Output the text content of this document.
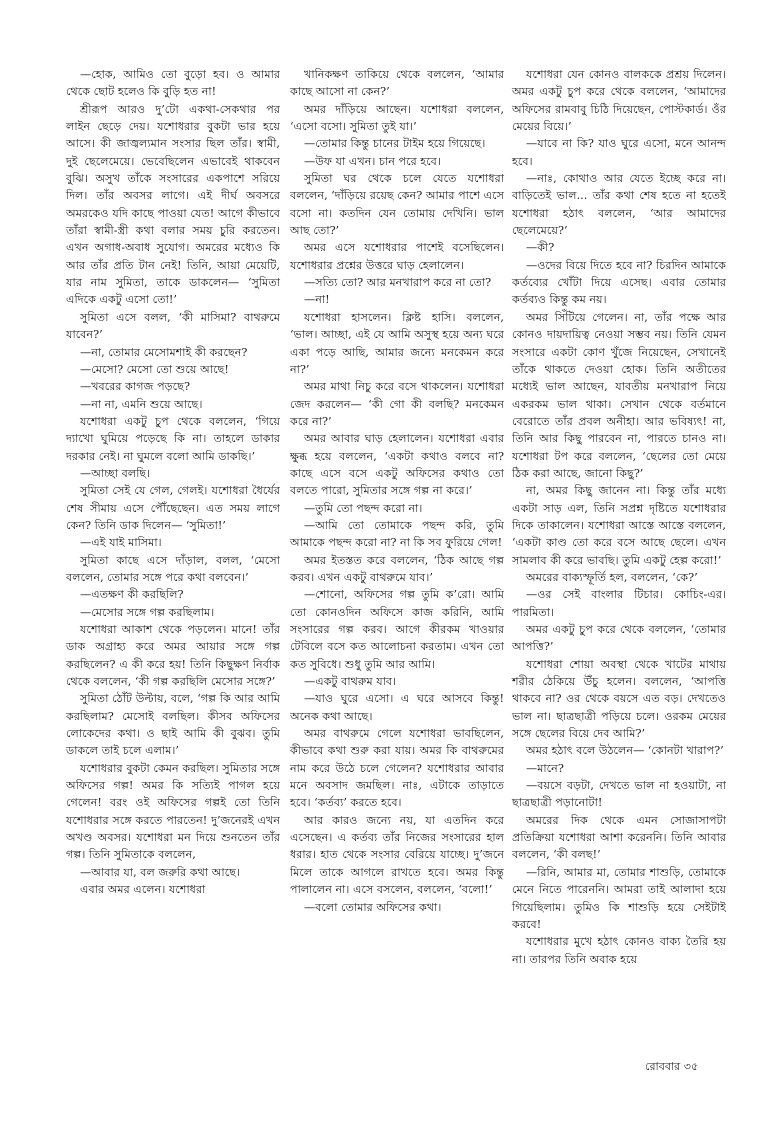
—হোক, আমিও তো বুড়ো হব। ও আমার থেকে ছোট হলেও কি বুড়ি হত না!

শ্রীরূপ আরও দু’টো একথা-সেকথার পর লাইন ছেড়ে দেয়। যশোধরার বুকটা ভার হয়ে আসে। কী জাজ্বল্যমান সংসার ছিল তাঁর। স্বামী, দুই ছেলেমেয়ে। ভেবেছিলেন এভাবেই থাকবেন বুঝি। অসুখ তাঁকে সংসারের একপাশে সরিয়ে দিল। তাঁর অবসর লাগে। এই দীর্ঘ অবসরে অমরকেও যদি কাছে পাওয়া যেত! আগে কীভাবে তাঁরা স্বামী-স্ত্রী কথা বলার সময় চুরি করতেন। এখন অগাধ-অবাধ সুযোগ। অমরের মধ্যেও কি আর তাঁর প্রতি টান নেই! তিনি, আয়া মেয়েটি, যার নাম সুমিতা, তাকে ডাকলেন— ‘সুমিতা এদিকে একটু এসো তো!’

সুমিতা এসে বলল, ‘কী মাসিমা? বাথরুমে যাবেন?’

—না, তোমার মেসোমশাই কী করছেন?

—মেসো? মেসো তো শুয়ে আছে!

—খবরের কাগজ পড়ছে?

—না না, এমনি শুয়ে আছে।

যশোধরা একটু চুপ থেকে বললেন, ‘গিয়ে দ্যাখো ঘুমিয়ে পড়েছে কি না। তাহলে ডাকার দরকার নেই। না ঘুমলে বলো আমি ডাকছি।’

—আচ্ছা বলছি।

সুমিতা সেই যে গেল, গেলই। যশোধরা ধৈর্যের শেষ সীমায় এসে পৌঁছেছেন। এত সময় লাগে কেন? তিনি ডাক দিলেন— ‘সুমিতা!’

—এই যাই মাসিমা।

সুমিতা কাছে এসে দাঁড়াল, বলল, ‘মেসো বললেন, তোমার সঙ্গে পরে কথা বলবেন।’

—এতক্ষণ কী করছিলি?

—মেসোর সঙ্গে গল্প করছিলাম।

যশোধরা আকাশ থেকে পড়লেন। মানে! তাঁর ডাক অগ্রাহ্য করে অমর আয়ার সঙ্গে গল্প করছিলেন? এ কী করে হয়! তিনি কিছুক্ষণ নির্বাক থেকে বললেন, ‘কী গল্প করছিলি মেসোর সঙ্গে?’

সুমিতা ঠোঁট উল্টায়, বলে, ‘গল্প কি আর আমি করছিলাম? মেসোই বলছিল। কীসব অফিসের লোকেদের কথা। ও ছাই আমি কী বুঝব। তুমি ডাকলে তাই চলে এলাম।’

যশোধরার বুকটা কেমন করছিল। সুমিতার সঙ্গে অফিসের গল্প! অমর কি সত্যিই পাগল হয়ে গেলেন! বরং ওই অফিসের গল্পই তো তিনি যশোধরার সঙ্গে করতে পারতেন! দু’জনেরই এখন অখণ্ড অবসর। যশোধরা মন দিয়ে শুনতেন তাঁর গল্প। তিনি সুমিতাকে বললেন,

—আবার যা, বল জরুরি কথা আছে।

এবার অমর এলেন। যশোধরা

খানিকক্ষণ তাকিয়ে থেকে বললেন, ‘আমার কাছে আসো না কেন?’

অমর দাঁড়িয়ে আছেন। যশোধরা বললেন, ‘এসো বসো। সুমিতা তুই যা।’

—তোমার কিন্তু চানের টাইম হয়ে গিয়েছে।

—উফ যা এখন। চান পরে হবে।

সুমিতা ঘর থেকে চলে যেতে যশোধরা বললেন, ‘দাঁড়িয়ে রয়েছ কেন? আমার পাশে এসে বসো না। কতদিন যেন তোমায় দেখিনি। ভাল আছ তো?’

অমর এসে যশোধরার পাশেই বসেছিলেন। যশোধরার প্রশ্নের উত্তরে ঘাড় হেলালেন।

—সত্যি তো? আর মনখারাপ করে না তো?

—না!

যশোধরা হাসলেন। ক্লিষ্ট হাসি। বললেন, ‘ভাল। আচ্ছা, এই যে আমি অসুস্থ হয়ে অন্য ঘরে একা পড়ে আছি, আমার জন্যে মনকেমন করে না?’

অমর মাথা নিচু করে বসে থাকলেন। যশোধরা জেদ করলেন— ‘কী গো কী বলছি? মনকেমন করে না?’

অমর আবার ঘাড় হেলালেন। যশোধরা এবার ক্ষুব্ধ হয়ে বললেন, ‘একটা কথাও বলবে না? কাছে এসে বসে একটু অফিসের কথাও তো বলতে পারো, সুমিতার সঙ্গে গল্প না করে।’

—তুমি তো পছন্দ করো না।

—আমি তো তোমাকে পছন্দ করি, তুমি আমাকে পছন্দ করো না? না কি সব ফুরিয়ে গেল!

অমর ইতস্তত করে বললেন, ‘ঠিক আছে গল্প করব। এখন একটু বাথরুমে যাব।’

—শোনো, অফিসের গল্প তুমি ক’রো। আমি তো কোনওদিন অফিসে কাজ করিনি, আমি সংসারের গল্প করব। আগে কীরকম খাওয়ার টেবিলে বসে কত আলোচনা করতাম। এখন তো কত সুবিধে। শুধু তুমি আর আমি।

—একটু বাথরুম যাব।

—যাও ঘুরে এসো। এ ঘরে আসবে কিন্তু! অনেক কথা আছে।

অমর বাথরুমে গেলে যশোধরা ভাবছিলেন, কীভাবে কথা শুরু করা যায়। অমর কি বাথরুমের নাম করে উঠে চলে গেলেন? যশোধরার আবার মনে অবসাদ জমছিল। নাঃ, এটাকে তাড়াতে হবে। ‘কর্তব্য’ করতে হবে।

আর কারও জন্যে নয়, যা এতদিন করে এসেছেন। এ কর্তব্য তাঁর নিজের সংসারের হাল ধরার। হাত থেকে সংসার বেরিয়ে যাচ্ছে। দু’জনে মিলে তাকে আগলে রাখতে হবে। অমর কিন্তু পালালেন না। এসে বসলেন, বললেন, ‘বলো!’

—বলো তোমার অফিসের কথা।

যশোধরা যেন কোনও বালককে প্রশ্রয় দিলেন। অমর একটু চুপ করে থেকে বললেন, ‘আমাদের অফিসের রামবাবু চিঠি দিয়েছেন, পোস্টকার্ড। ওঁর মেয়ের বিয়ে।’

—যাবে না কি? যাও ঘুরে এসো, মনে আনন্দ হবে।

—নাঃ, কোথাও আর যেতে ইচ্ছে করে না। বাড়িতেই ভাল... তাঁর কথা শেষ হতে না হতেই যশোধরা হঠাৎ বললেন, ‘আর আমাদের ছেলেমেয়ে?’

—কী?

—ওদের বিয়ে দিতে হবে না? চিরদিন আমাকে কর্তব্যের খোঁটা দিয়ে এসেছ। এবার তোমার কর্তব্যও কিন্তু কম নয়।

অমর সিঁটিয়ে গেলেন। না, তাঁর পক্ষে আর কোনও দায়দায়িত্ব নেওয়া সম্ভব নয়। তিনি যেমন সংসারে একটা কোণ খুঁজে নিয়েছেন, সেখানেই তাঁকে থাকতে দেওয়া হোক। তিনি অতীতের মধ্যেই ভাল আছেন, যাবতীয় মনখারাপ নিয়ে একরকম ভাল থাকা। সেখান থেকে বর্তমানে বেরোতে তাঁর প্রবল অনীহা। আর ভবিষ্যৎ! না, তিনি আর কিছু পারবেন না, পারতে চানও না। যশোধরা টপ করে বললেন, ‘ছেলের তো মেয়ে ঠিক করা আছে, জানো কিছু?’

না, অমর কিছু জানেন না। কিন্তু তাঁর মধ্যে একটা সাড় এল, তিনি সপ্রশ্ন দৃষ্টিতে যশোধরার দিকে তাকালেন। যশোধরা আস্তে আস্তে বললেন, ‘একটা কাণ্ড তো করে বসে আছে ছেলে। এখন সামলাব কী করে ভাবছি। তুমি একটু হেল্প করো!’

অমরের বাক্যস্ফূর্তি হল, বললেন, ‘কে?’

—ওর সেই বাংলার টিচার। কোচিং-এর। পারমিতা।

অমর একটু চুপ করে থেকে বললেন, ‘তোমার আপত্তি?’

যশোধরা শোয়া অবস্থা থেকে খাটের মাথায় শরীর ঠেকিয়ে উঁচু হলেন। বললেন, ‘আপত্তি থাকবে না? ওর থেকে বয়সে এত বড়। দেখতেও ভাল না। ছাত্রছাত্রী পড়িয়ে চলে। ওরকম মেয়ের সঙ্গে ছেলের বিয়ে দেব আমি?’

অমর হঠাৎ বলে উঠলেন— ‘কোনটা খারাপ?’

—মানে?

—বয়সে বড়টা, দেখতে ভাল না হওয়াটা, না ছাত্রছাত্রী পড়ানোটা!

অমরের দিক থেকে এমন সোজাসাপটা প্রতিক্রিয়া যশোধরা আশা করেননি। তিনি আবার বললেন, ‘কী বলছ!’

—রিনি, আমার মা, তোমার শাশুড়ি, তোমাকে মেনে নিতে পারেননি। আমরা তাই আলাদা হয়ে গিয়েছিলাম। তুমিও কি শাশুড়ি হয়ে সেইটাই করবে!

যশোধরার মুখে হঠাৎ কোনও বাক্য তৈরি হয় না। তারপর তিনি অবাক হয়ে

রোববার ৩৫
